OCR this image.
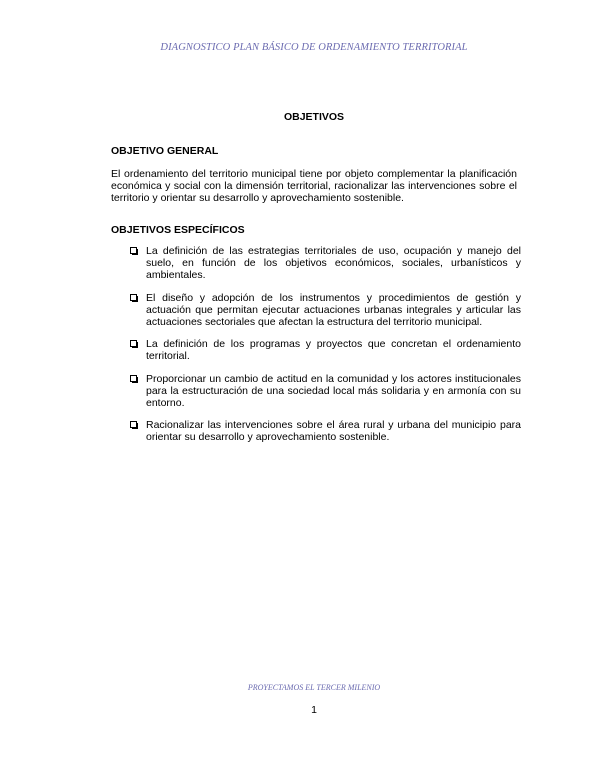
DIAGNOSTICO PLAN BÁSICO DE ORDENAMIENTO TERRITORIAL
OBJETIVOS
OBJETIVO GENERAL

El ordenamiento del territorio municipal tiene por objeto complementar la planificación económica y social con la dimensión territorial, racionalizar las intervenciones sobre el territorio y orientar su desarrollo y aprovechamiento sostenible.

OBJETIVOS ESPECÍFICOS
La definición de las estrategias territoriales de uso, ocupación y manejo del suelo, en función de los objetivos económicos, sociales, urbanísticos y ambientales.
El diseño y adopción de los instrumentos y procedimientos de gestión y actuación que permitan ejecutar actuaciones urbanas integrales y articular las actuaciones sectoriales que afectan la estructura del territorio municipal.
La definición de los programas y proyectos que concretan el ordenamiento territorial.
Proporcionar un cambio de actitud en la comunidad y los actores institucionales para la estructuración de una sociedad local más solidaria y en armonía con su entorno.
Racionalizar las intervenciones sobre el área rural y urbana del municipio para orientar su desarrollo y aprovechamiento sostenible.
PROYECTAMOS EL TERCER MILENIO
1
